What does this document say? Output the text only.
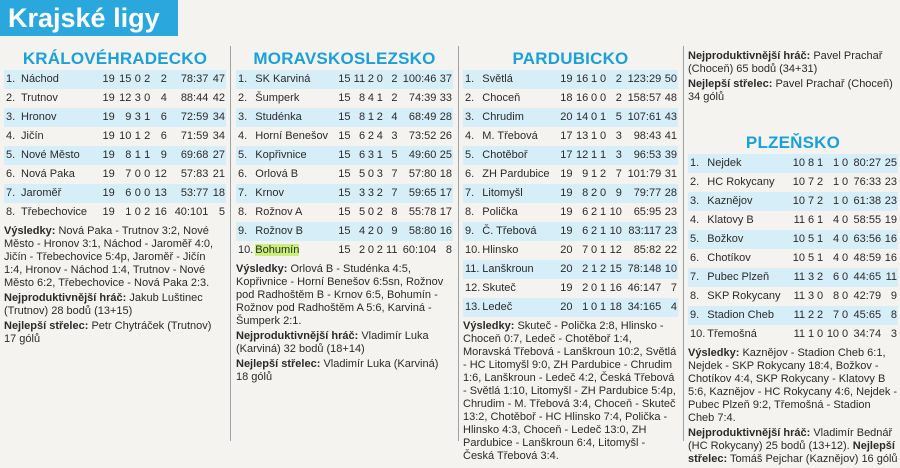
Krajské ligy
KRÁLOVÉHRADECKO
1.	Náchod	19	15	0	2	2	78:37	47
2.	Trutnov	19	12	3	0	4	88:44	42
3.	Hronov	19	9	3	1	6	72:59	34
4.	Jičín	19	10	1	2	6	71:59	34
5.	Nové Město	19	8	1	1	9	69:68	27
6.	Nová Paka	19	7	0	0	12	57:83	21
7.	Jaroměř	19	6	0	0	13	53:77	18
8.	Třebechovice	19	1	0	2	16	40:101	5
Výsledky: Nová Paka - Trutnov 3:2, Nové Město - Hronov 3:1, Náchod - Jaroměř 4:0, Jičín - Třebechovice 5:4p, Jaroměř - Jičín 1:4, Hronov - Náchod 1:4, Trutnov - Nové Město 6:2, Třebechovice - Nová Paka 2:3.
Nejproduktivnější hráč: Jakub Luštinec (Trutnov) 28 bodů (13+15)
Nejlepší střelec: Petr Chytráček (Trutnov) 17 gólů
MORAVSKOSLEZSKO
1.	SK Karviná	15	11	2	0	2	100:46	37
2.	Šumperk	15	8	4	1	2	74:39	33
3.	Studénka	15	8	1	2	4	68:49	28
4.	Horní Benešov	15	6	2	4	3	73:52	26
5.	Kopřivnice	15	6	3	1	5	49:60	25
6.	Orlová B	15	5	0	3	7	57:80	18
7.	Krnov	15	3	3	2	7	59:65	17
8.	Rožnov A	15	5	0	2	8	55:78	17
9.	Rožnov B	15	4	2	0	9	58:80	16
10.	Bohumín	15	2	0	2	11	60:104	8
Výsledky: Orlová B - Studénka 4:5, Kopřivnice - Horní Benešov 6:5sn, Rožnov pod Radhoštěm B - Krnov 6:5, Bohumín - Rožnov pod Radhoštěm A 5:6, Karviná - Šumperk 2:1.
Nejproduktivnější hráč: Vladimír Luka (Karviná) 32 bodů (18+14)
Nejlepší střelec: Vladimír Luka (Karviná) 18 gólů
PARDUBICKO
1.	Světlá	19	16	1	0	2	123:29	50
2.	Choceň	18	16	0	0	2	158:57	48
3.	Chrudim	20	14	0	1	5	107:61	43
4.	M. Třebová	17	13	1	0	3	98:43	41
5.	Chotěboř	17	12	1	1	3	96:53	39
6.	ZH Pardubice	19	9	1	2	7	101:79	31
7.	Litomyšl	19	8	2	0	9	79:77	28
8.	Polička	19	6	2	1	10	65:95	23
9.	Č. Třebová	19	6	2	1	10	83:117	23
10.	Hlinsko	20	7	0	1	12	85:82	22
11.	Lanškroun	20	2	1	2	15	78:148	10
12.	Skuteč	19	2	0	1	16	46:147	7
13.	Ledeč	20	1	0	1	18	34:165	4
Výsledky: Skuteč - Polička 2:8, Hlinsko - Choceň 0:7, Ledeč - Chotěboř 1:4, Moravská Třebová - Lanškroun 10:2, Světlá - HC Litomyšl 9:0, ZH Pardubice - Chrudim 1:6, Lanškroun - Ledeč 4:2, Česká Třebová - Světlá 1:10, Litomyšl - ZH Pardubice 5:4p, Chrudim - M. Třebová 3:4, Choceň - Skuteč 13:2, Chotěboř - HC Hlinsko 7:4, Polička - Hlinsko 4:3, Choceň - Ledeč 13:0, ZH Pardubice - Lanškroun 6:4, Litomyšl - Česká Třebová 3:4.
Nejproduktivnější hráč: Pavel Prachař (Choceň) 65 bodů (34+31)
Nejlepší střelec: Pavel Prachař (Choceň) 34 gólů
PLZEŇSKO
1.	Nejdek	10	8	1	1	0	80:27	25
2.	HC Rokycany	10	7	2	1	0	76:33	23
3.	Kaznějov	10	7	2	1	0	61:38	23
4.	Klatovy B	11	6	1	4	0	58:55	19
5.	Božkov	10	5	1	4	0	63:56	16
6.	Chotíkov	10	5	1	4	0	48:59	16
7.	Pubec Plzeň	11	3	2	6	0	44:65	11
8.	SKP Rokycany	11	3	0	8	0	42:79	9
9.	Stadion Cheb	11	2	2	7	0	45:65	8
10.	Třemošná	11	1	0	10	0	34:74	3
Výsledky: Kaznějov - Stadion Cheb 6:1, Nejdek - SKP Rokycany 18:4, Božkov - Chotíkov 4:4, SKP Rokycany - Klatovy B 5:6, Kaznějov - HC Rokycany 4:6, Nejdek - Pubec Plzeň 9:2, Třemošná - Stadion Cheb 7:4.
Nejproduktivnější hráč: Vladimír Bednář (HC Rokycany) 25 bodů (13+12). Nejlepší střelec: Tomáš Pejchar (Kaznějov) 16 gólů
